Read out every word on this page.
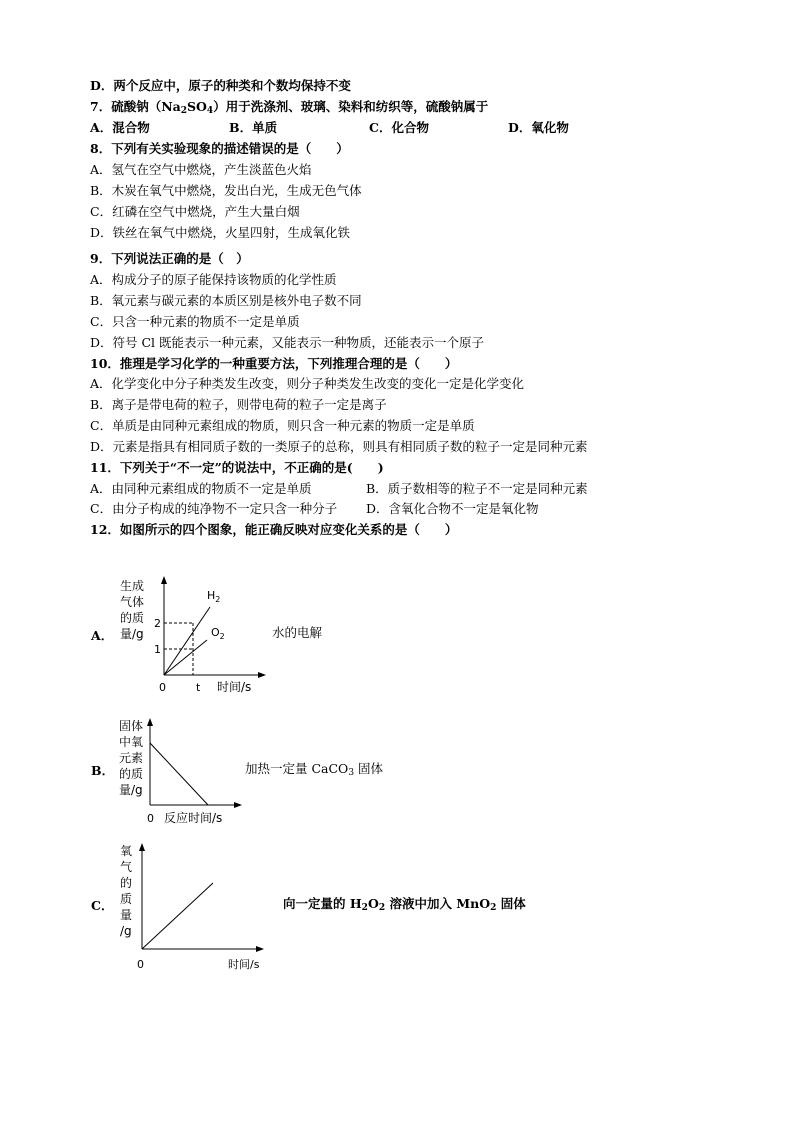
D．两个反应中，原子的种类和个数均保持不变
7．硫酸钠$(Na_2SO_4)$用于洗涤剂、玻璃、染料和纺织等，硫酸钠属于
A．混合物	B．单质	C．化合物	D．氧化物
8．下列有关实验现象的描述错误的是（　　）
A．氢气在空气中燃烧，产生淡蓝色火焰
B．木炭在氧气中燃烧，发出白光，生成无色气体
C．红磷在空气中燃烧，产生大量白烟
D．铁丝在氧气中燃烧，火星四射，生成氧化铁
9．下列说法正确的是（　）
A．构成分子的原子能保持该物质的化学性质
B．氧元素与碳元素的本质区别是核外电子数不同
C．只含一种元素的物质不一定是单质
D．符号 Cl 既能表示一种元素，又能表示一种物质，还能表示一个原子
10．推理是学习化学的一种重要方法，下列推理合理的是（　　）
A．化学变化中分子种类发生改变，则分子种类发生改变的变化一定是化学变化
B．离子是带电荷的粒子，则带电荷的粒子一定是离子
C．单质是由同种元素组成的物质，则只含一种元素的物质一定是单质
D．元素是指具有相同质子数的一类原子的总称，则具有相同质子数的粒子一定是同种元素
11．下列关于“不一定”的说法中，不正确的是(　　)
A．由同种元素组成的物质不一定是单质	B．质子数相等的粒子不一定是同种元素
C．由分子构成的纯净物不一定只含一种分子 D．含氧化合物不一定是氧化物
12．如图所示的四个图象，能正确反映对应变化关系的是（　　）
A．
生成
气体
的质
量/g
2
1
0	t 时间/s
$H_2$
$O_2$	水的电解
B．
固体
中氧
元素
的质
量/g
0 反应时间/s
加热一定量 CaCO$_3$ 固体
C．
氧
气
的
质
量
/g
0	时间/s
向一定量的 $H_2O_2$ 溶液中加入 MnO$_2$ 固体
